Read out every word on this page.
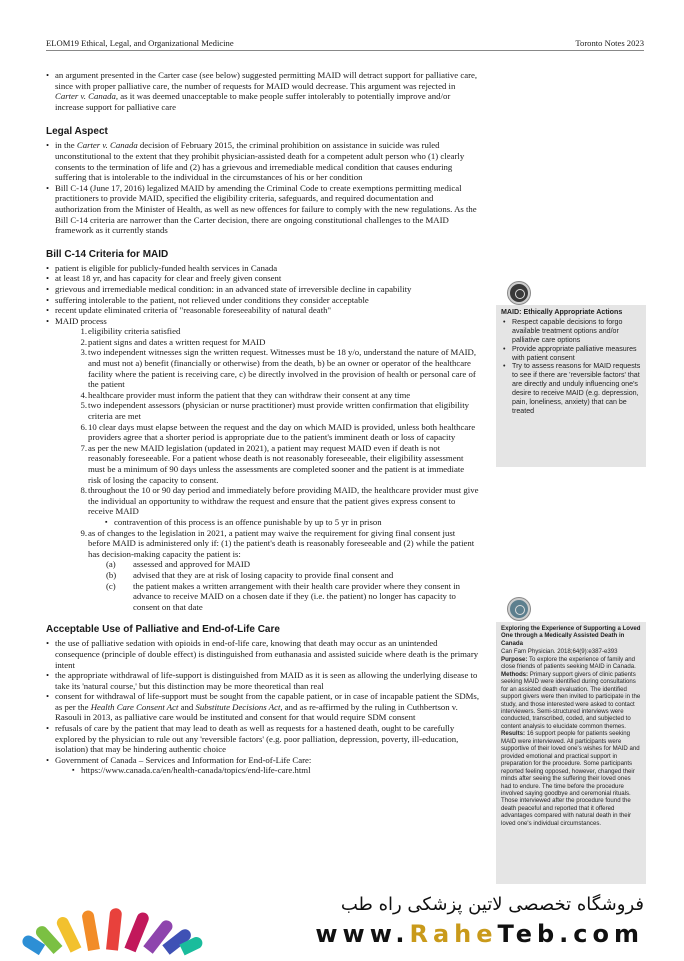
ELOM19 Ethical, Legal, and Organizational Medicine	Toronto Notes 2023
• an argument presented in the Carter case (see below) suggested permitting MAID will detract support for palliative care, since with proper palliative care, the number of requests for MAID would decrease. This argument was rejected in Carter v. Canada, as it was deemed unacceptable to make people suffer intolerably to potentially improve and/or increase support for palliative care
Legal Aspect
• in the Carter v. Canada decision of February 2015, the criminal prohibition on assistance in suicide was ruled unconstitutional to the extent that they prohibit physician-assisted death for a competent adult person who (1) clearly consents to the termination of life and (2) has a grievous and irremediable medical condition that causes enduring suffering that is intolerable to the individual in the circumstances of his or her condition
• Bill C-14 (June 17, 2016) legalized MAID by amending the Criminal Code to create exemptions permitting medical practitioners to provide MAID, specified the eligibility criteria, safeguards, and required documentation and authorization from the Minister of Health, as well as new offences for failure to comply with the new regulations. As the Bill C-14 criteria are narrower than the Carter decision, there are ongoing constitutional challenges to the MAID framework as it currently stands
Bill C-14 Criteria for MAID
• patient is eligible for publicly-funded health services in Canada
• at least 18 yr, and has capacity for clear and freely given consent
• grievous and irremediable medical condition: in an advanced state of irreversible decline in capability
• suffering intolerable to the patient, not relieved under conditions they consider acceptable
• recent update eliminated criteria of "reasonable foreseeability of natural death"
• MAID process
1. eligibility criteria satisfied
2. patient signs and dates a written request for MAID
3. two independent witnesses sign the written request. Witnesses must be 18 y/o, understand the nature of MAID, and must not a) benefit (financially or otherwise) from the death, b) be an owner or operator of the healthcare facility where the patient is receiving care, c) be directly involved in the provision of health or personal care of the patient
4. healthcare provider must inform the patient that they can withdraw their consent at any time
5. two independent assessors (physician or nurse practitioner) must provide written confirmation that eligibility criteria are met
6. 10 clear days must elapse between the request and the day on which MAID is provided, unless both healthcare providers agree that a shorter period is appropriate due to the patient's imminent death or loss of capacity
7. as per the new MAID legislation (updated in 2021), a patient may request MAID even if death is not reasonably foreseeable. For a patient whose death is not reasonably foreseeable, their eligibility assessment must be a minimum of 90 days unless the assessments are completed sooner and the patient is at immediate risk of losing the capacity to consent.
8. throughout the 10 or 90 day period and immediately before providing MAID, the healthcare provider must give the individual an opportunity to withdraw the request and ensure that the patient gives express consent to receive MAID
▪ contravention of this process is an offence punishable by up to 5 yr in prison
9. as of changes to the legislation in 2021, a patient may waive the requirement for giving final consent just before MAID is administered only if: (1) the patient's death is reasonably foreseeable and (2) while the patient has decision-making capacity the patient is:
(a) assessed and approved for MAID
(b) advised that they are at risk of losing capacity to provide final consent and
(c) the patient makes a written arrangement with their health care provider where they consent in advance to receive MAID on a chosen date if they (i.e. the patient) no longer has capacity to consent on that date
Acceptable Use of Palliative and End-of-Life Care
• the use of palliative sedation with opioids in end-of-life care, knowing that death may occur as an unintended consequence (principle of double effect) is distinguished from euthanasia and assisted suicide where death is the primary intent
• the appropriate withdrawal of life-support is distinguished from MAID as it is seen as allowing the underlying disease to take its 'natural course,' but this distinction may be more theoretical than real
• consent for withdrawal of life-support must be sought from the capable patient, or in case of incapable patient the SDMs, as per the Health Care Consent Act and Substitute Decisions Act, and as re-affirmed by the ruling in Cuthbertson v. Rasouli in 2013, as palliative care would be instituted and consent for that would require SDM consent
• refusals of care by the patient that may lead to death as well as requests for a hastened death, ought to be carefully explored by the physician to rule out any 'reversible factors' (e.g. poor palliation, depression, poverty, ill-education, isolation) that may be hindering authentic choice
• Government of Canada – Services and Information for End-of-Life Care:
▪ https://www.canada.ca/en/health-canada/topics/end-life-care.html
MAID: Ethically Appropriate Actions
• Respect capable decisions to forgo available treatment options and/or palliative care options
• Provide appropriate palliative measures with patient consent
• Try to assess reasons for MAID requests to see if there are 'reversible factors' that are directly and unduly influencing one's desire to receive MAID (e.g. depression, pain, loneliness, anxiety) that can be treated
Exploring the Experience of Supporting a Loved One through a Medically Assisted Death in Canada

Can Fam Physician. 2018;64(9):e387-e393

Purpose: To explore the experience of family and close friends of patients seeking MAID in Canada.

Methods: Primary support givers of clinic patients seeking MAID were identified during consultations for an assisted death evaluation. The identified support givers were then invited to participate in the study, and those interested were asked to contact interviewers. Semi-structured interviews were conducted, transcribed, coded, and subjected to content analysis to elucidate common themes.

Results: 16 support people for patients seeking MAID were interviewed. All participants were supportive of their loved one's wishes for MAID and provided emotional and practical support in preparation for the procedure. Some participants reported feeling opposed, however, changed their minds after seeing the suffering their loved ones had to endure. The time before the procedure involved saying goodbye and ceremonial rituals. Those interviewed after the procedure found the death peaceful and reported that it offered advantages compared with natural death in their loved one's individual circumstances.

فروشگاه تخصصی لاتین پزشکی راه طب
www.RaheTeb.com
